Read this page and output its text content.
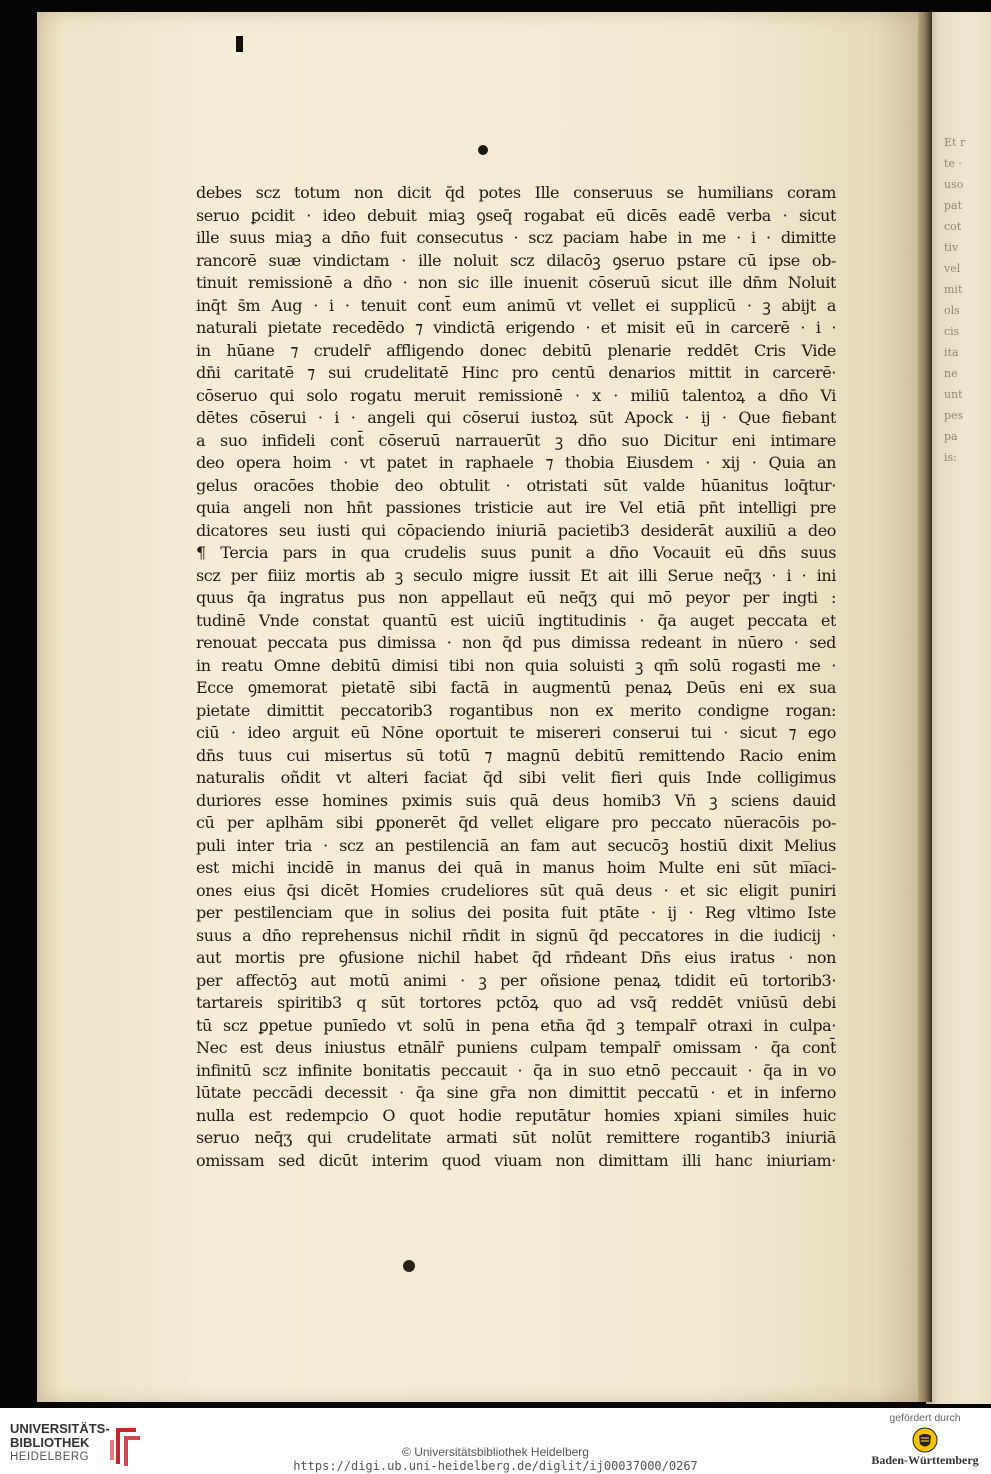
Et r
te ·
uso
pat
cot
tiv
vel
mit
ols
cis
ita
ne
unt
pes
pa
is:
debes scz totum non dicit q̄d potes Ille conseruus se humilians coram
seruo ꝑcidit · ideo debuit miaꝫ ꝯseq̄ rogabat eū dicēs eadē verba · sicut
ille suus miaꝫ a dn̄o fuit consecutus · scz paciam habe in me · i · dimitte
rancorē suæ vindictam · ille noluit scz dilacōꝫ ꝯseruo pstare cū ipse ob-
tinuit remissionē a dn̄o · non sic ille inuenit cōseruū sicut ille dn̄m Noluit
inq̄t s̄m Aug · i · tenuit cont̄ eum animū vt vellet ei supplicū · ꝫ abijt a
naturali pietate recedēdo ⁊ vindictā erigendo · et misit eū in carcerē · i ·
in hūane ⁊ crudelr̄ affligendo donec debitū plenarie reddēt Cris Vide
dn̄i caritatē ⁊ sui crudelitatē Hinc pro centū denarios mittit in carcerē·
cōseruo qui solo rogatu meruit remissionē · x · miliū talentoꝝ a dn̄o Vi
dētes cōserui · i · angeli qui cōserui iustoꝝ sūt Apock · ij · Que fiebant
a suo infideli cont̄ cōseruū narrauerūt ꝫ dn̄o suo Dicitur eni intimare
deo opera hoim · vt patet in raphaele ⁊ thobia Eiusdem · xij · Quia an
gelus oracōes thobie deo obtulit · otristati sūt valde hūanitus loq̄tur·
quia angeli non hn̄t passiones tristicie aut ire Vel etiā pn̄t intelligi pre
dicatores seu iusti qui cōpaciendo iniuriā pacietib3 desiderāt auxiliū a deo
¶ Tercia pars in qua crudelis suus punit a dn̄o Vocauit eū dn̄s suus
scz per fiiiz mortis ab ꝫ seculo migre iussit Et ait illi Serue neq̄ʒ · i · ini
quus q̄a ingratus pus non appellaut eū neq̄ʒ qui mō peyor per ingti :
tudinē Vnde constat quantū est uiciū ingtitudinis · q̄a auget peccata et
renouat peccata pus dimissa · non q̄d pus dimissa redeant in nūero · sed
in reatu Omne debitū dimisi tibi non quia soluisti ꝫ qm̄ solū rogasti me ·
Ecce ꝯmemorat pietatē sibi factā in augmentū penaꝝ Deūs eni ex sua
pietate dimittit peccatorib3 rogantibus non ex merito condigne rogan:
ciū · ideo arguit eū Nōne oportuit te misereri conserui tui · sicut ⁊ ego
dn̄s tuus cui misertus sū totū ⁊ magnū debitū remittendo Racio enim
naturalis oñdit vt alteri faciat q̄d sibi velit fieri quis Inde colligimus
duriores esse homines pximis suis quā deus homib3 Vn̄ ꝫ sciens dauid
cū per aplhām sibi ꝑponerēt q̄d vellet eligare pro peccato nūeracōis po-
puli inter tria · scz an pestilenciā an fam aut secucōꝫ hostiū dixit Melius
est michi incidē in manus dei quā in manus hoim Multe eni sūt mi̅aci-
ones eius q̄si dicēt Homies crudeliores sūt quā deus · et sic eligit puniri
per pestilenciam que in solius dei posita fuit ptāte · ij · Reg vltimo Iste
suus a dn̄o reprehensus nichil rn̄dit in signū q̄d peccatores in die iudicij ·
aut mortis pre ꝯfusione nichil habet q̄d rn̄deant Dn̄s eius iratus · non
per affectōꝫ aut motū animi · ꝫ per oñsione penaꝝ tdidit eū tortorib3·
tartareis spiritib3 q sūt tortores pctōꝝ quo ad vsq̄ reddēt vniūsū debi
tū scz ꝑpetue punīedo vt solū in pena etn̄a q̄d ꝫ tempalr̄ otraxi in culpa·
Nec est deus iniustus etnālr̄ puniens culpam tempalr̄ omissam · q̄a cont̄
infinitū scz infinite bonitatis peccauit · q̄a in suo etnō peccauit · q̄a in vo
lūtate peccādi decessit · q̄a sine gr̄a non dimittit peccatū · et in inferno
nulla est redempcio O quot hodie reputātur homies xpiani similes huic
seruo neq̄ʒ qui crudelitate armati sūt nolūt remittere rogantib3 iniuriā
omissam sed dicūt interim quod viuam non dimittam illi hanc iniuriam·
UNIVERSITÄTS-
BIBLIOTHEK
HEIDELBERG	© Universitätsbibliothek Heidelberg
https://digi.ub.uni-heidelberg.de/diglit/ij00037000/0267
gefördert durch
Baden-Württemberg
